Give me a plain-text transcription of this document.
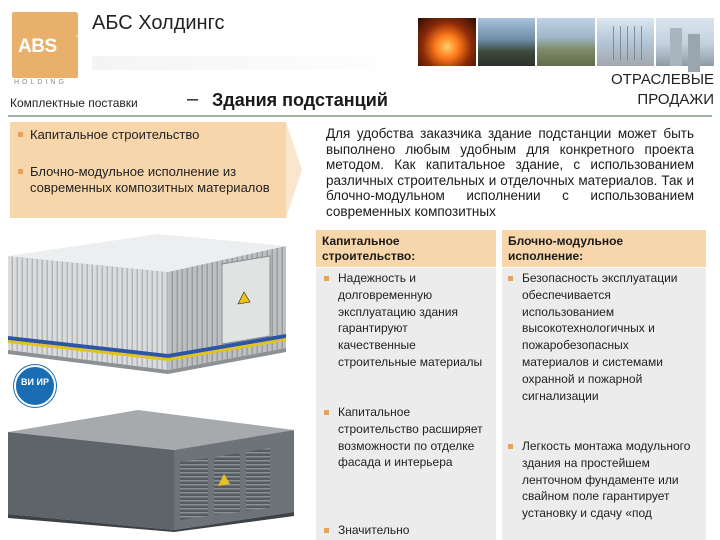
ABS
HOLDING
АБС Холдингс
ОТРАСЛЕВЫЕ
ПРОДАЖИ
Комплектные поставки – Здания подстанций
Капитальное строительство
Блочно-модульное исполнение из современных композитных материалов
Для удобства заказчика здание подстанции может быть выполнено любым удобным для конкретного проекта методом. Как капитальное здание, с использованием различных строительных и отделочных материалов. Так и блочно-модульном исполнении с использованием современных композитных
Капитальное строительство:
Блочно-модульное исполнение:
Надежность и долговременную эксплуатацию здания гарантируют качественные строительные материалы
Капитальное строительство расширяет возможности по отделке фасада и интерьера
Значительно
Безопасность эксплуатации обеспечивается использованием высокотехнологичных и пожаробезопасных материалов и системами охранной и пожарной сигнализации
Легкость монтажа модульного здания на простейшем ленточном фундаменте или свайном поле гарантирует установку и сдачу «под
ВИ ИР
